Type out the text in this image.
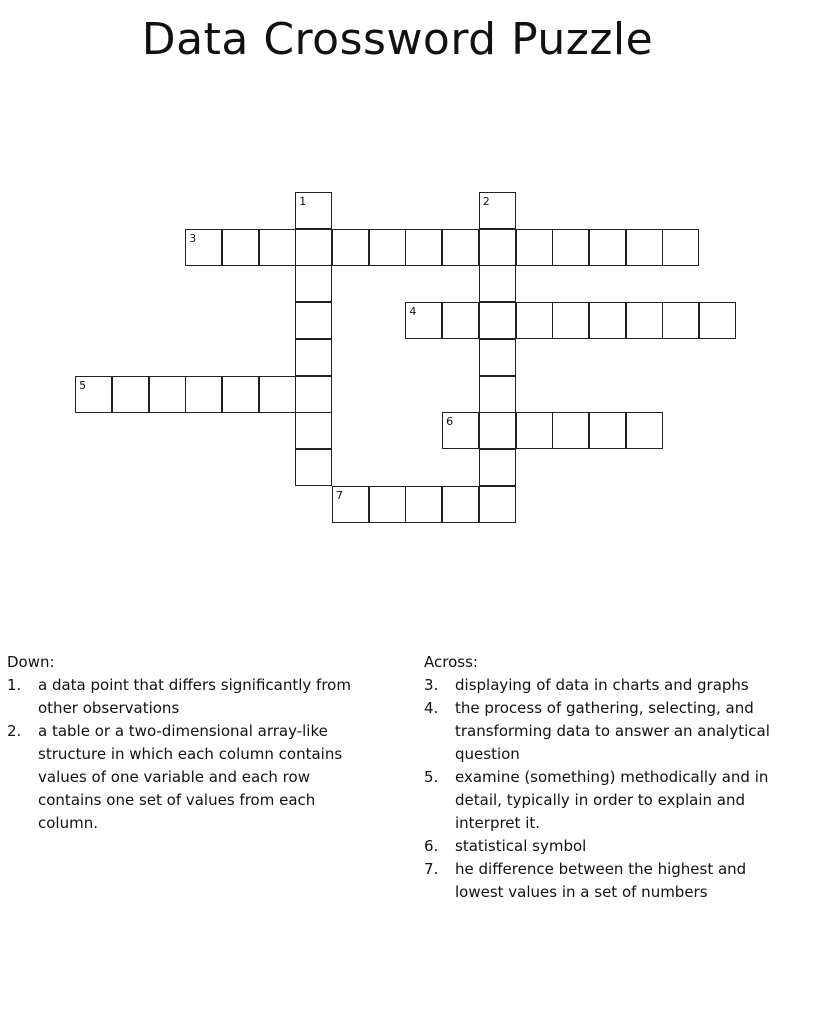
Data Crossword Puzzle
1	2
3
4
5
6
7
Down:
1. a data point that differs significantly from other observations
2. a table or a two-dimensional array-like structure in which each column contains values of one variable and each row contains one set of values from each column.
Across:
3. displaying of data in charts and graphs
4. the process of gathering, selecting, and transforming data to answer an analytical question
5. examine (something) methodically and in detail, typically in order to explain and interpret it.
6. statistical symbol
7. he difference between the highest and lowest values in a set of numbers
